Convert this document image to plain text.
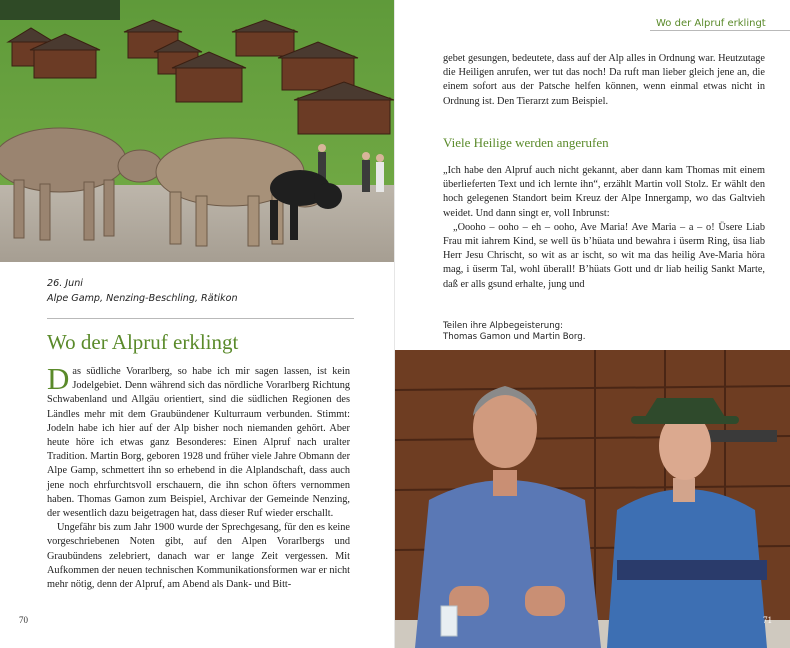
26. Juni
Alpe Gamp, Nenzing-Beschling, Rätikon
Wo der Alpruf erklingt

Das südliche Vorarlberg, so habe ich mir sagen lassen, ist kein Jodelgebiet. Denn während sich das nördliche Vorarlberg Richtung Schwabenland und Allgäu orientiert, sind die südlichen Regionen des Ländles mehr mit dem Graubündener Kulturraum verbunden. Stimmt: Jodeln habe ich hier auf der Alp bisher noch niemanden gehört. Aber heute höre ich etwas ganz Besonderes: Einen Alpruf nach uralter Tradition. Martin Borg, geboren 1928 und früher viele Jahre Obmann der Alpe Gamp, schmettert ihn so erhebend in die Alplandschaft, dass auch jene noch ehrfurchtsvoll erschauern, die ihn schon öfters vernommen haben. Thomas Gamon zum Beispiel, Archivar der Gemeinde Nenzing, der wesentlich dazu beigetragen hat, dass dieser Ruf wieder erschallt.

Ungefähr bis zum Jahr 1900 wurde der Sprechgesang, für den es keine vorgeschriebenen Noten gibt, auf den Alpen Vorarlbergs und Graubündens zelebriert, danach war er lange Zeit vergessen. Mit Aufkommen der neuen technischen Kommunikationsformen war er nicht mehr nötig, denn der Alpruf, am Abend als Dank- und Bitt-

70
Wo der Alpruf erklingt

gebet gesungen, bedeutete, dass auf der Alp alles in Ordnung war. Heutzutage die Heiligen anrufen, wer tut das noch! Da ruft man lieber gleich jene an, die einem sofort aus der Patsche helfen können, wenn einmal etwas nicht in Ordnung ist. Den Tierarzt zum Beispiel.

Viele Heilige werden angerufen

„Ich habe den Alpruf auch nicht gekannt, aber dann kam Thomas mit einem überlieferten Text und ich lernte ihn“, erzählt Martin voll Stolz. Er wählt den hoch gelegenen Standort beim Kreuz der Alpe Innergamp, wo das Galtvieh weidet. Und dann singt er, voll Inbrunst:

„Oooho – ooho – eh – ooho, Ave Maria! Ave Maria – a – o! Üsere Liab Frau mit iahrem Kind, se well üs b’hüata und bewahra i üserm Ring, üsa liab Herr Jesu Chrischt, so wit as ar ischt, so wit ma das heilig Ave-Maria höra mag, i üserm Tal, wohl überall! B’hüats Gott und dr liab heilig Sankt Marte, daß er alls gsund erhalte, jung und

Teilen ihre Alpbegeisterung:
Thomas Gamon und Martin Borg.
71
